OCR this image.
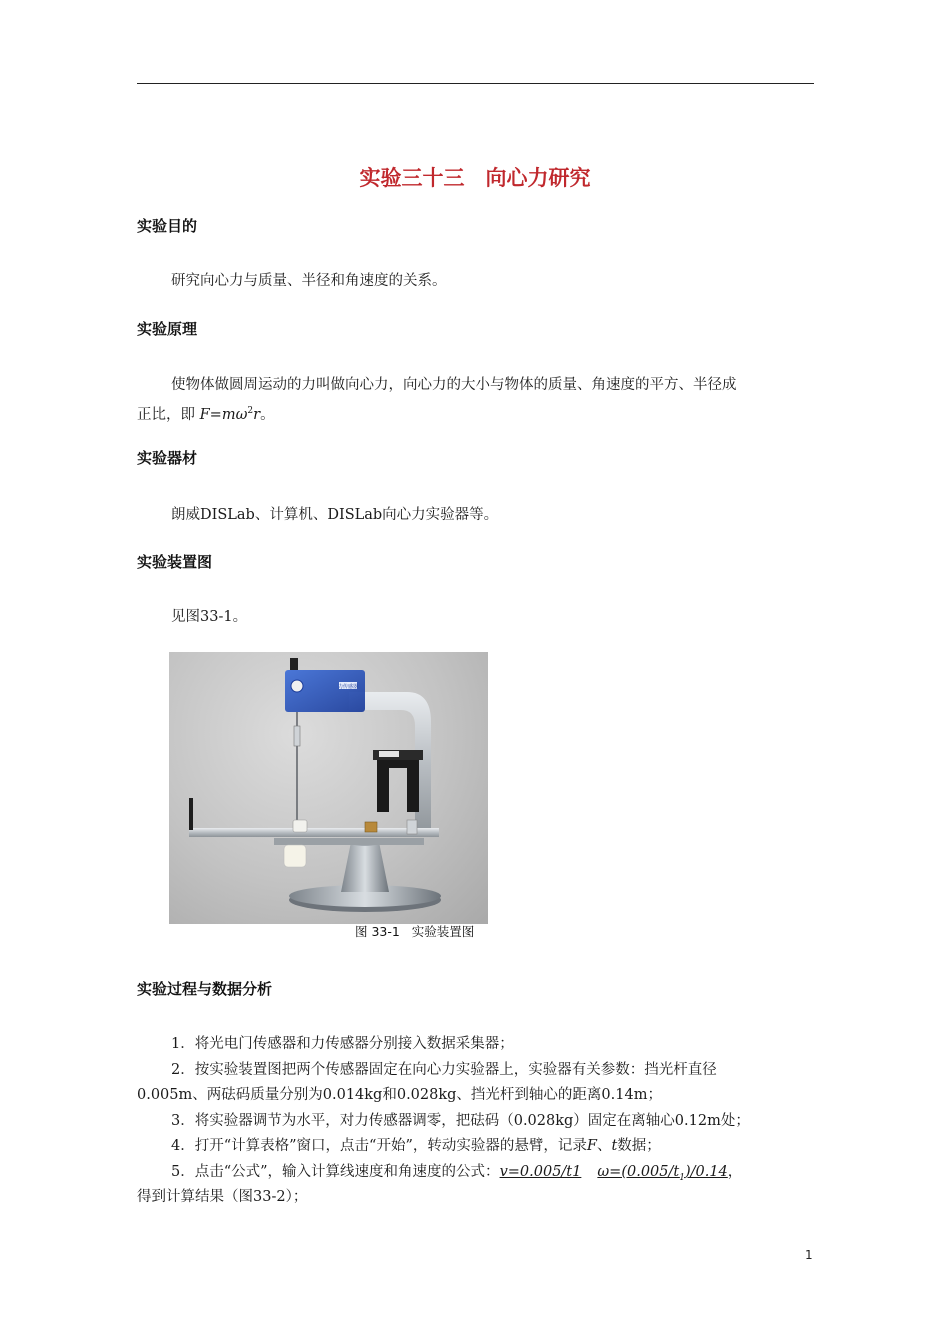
实验三十三　向心力研究
实验目的
研究向心力与质量、半径和角速度的关系。
实验原理
使物体做圆周运动的力叫做向心力，向心力的大小与物体的质量、角速度的平方、半径成
正比，即 $F=m\omega^2r$。
实验器材
朗威DISLab、计算机、DISLab向心力实验器等。
实验装置图
见图33-1。
力传感器
图 33-1   实验装置图
实验过程与数据分析
1．将光电门传感器和力传感器分别接入数据采集器；
2．按实验装置图把两个传感器固定在向心力实验器上，实验器有关参数：挡光杆直径
0.005m、两砝码质量分别为0.014kg和0.028kg、挡光杆到轴心的距离0.14m；
3．将实验器调节为水平，对力传感器调零，把砝码（0.028kg）固定在离轴心0.12m处；
4．打开“计算表格”窗口，点击“开始”，转动实验器的悬臂，记录F、t数据；
5．点击“公式”，输入计算线速度和角速度的公式：v=0.005/t1 $\omega=(0.005/t_1)/0.14$，
得到计算结果（图33-2）；
1
